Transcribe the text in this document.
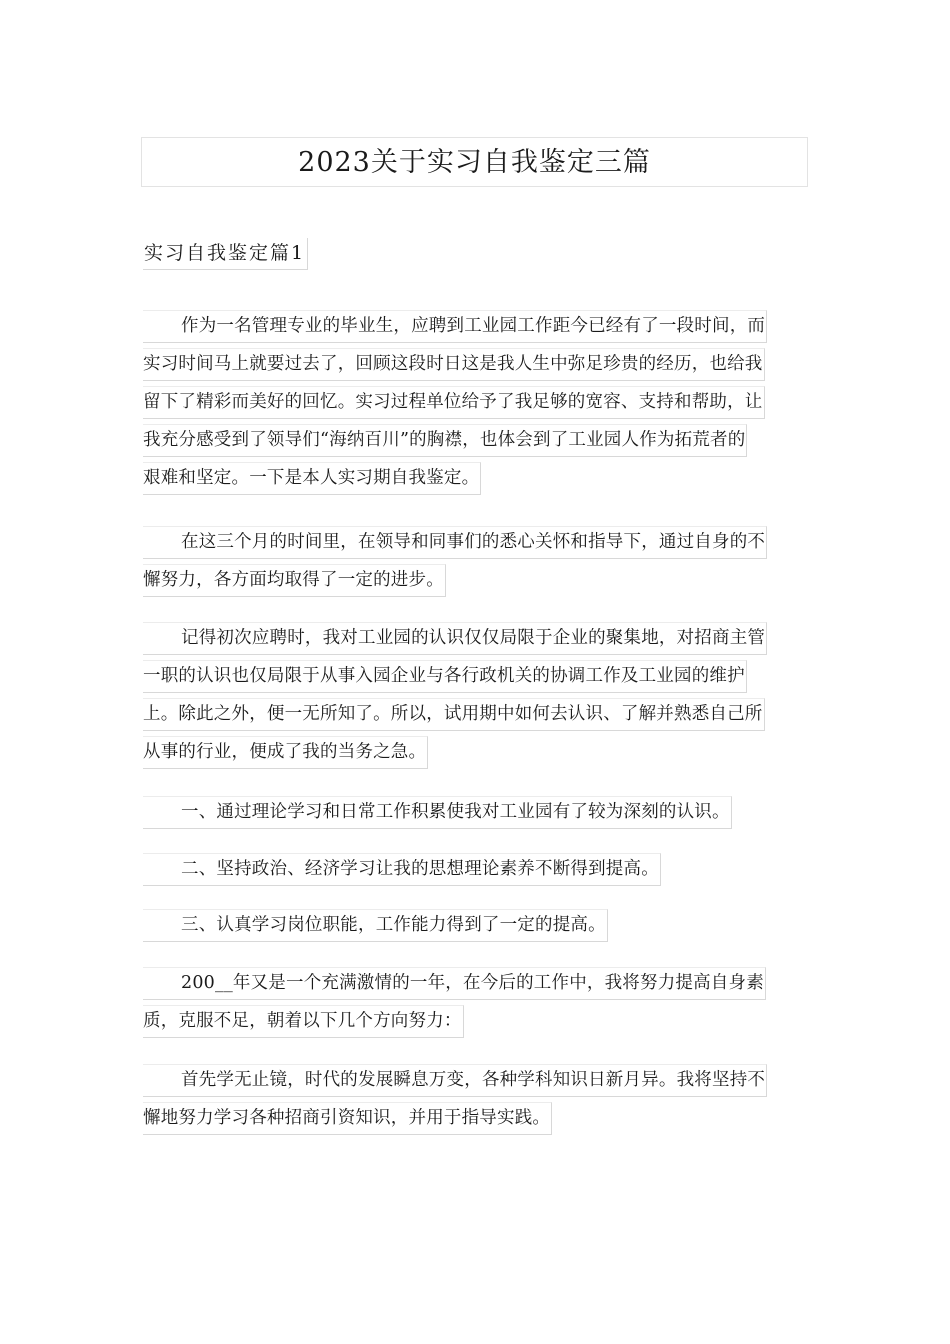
2023关于实习自我鉴定三篇
实习自我鉴定篇1
作为一名管理专业的毕业生，应聘到工业园工作距今已经有了一段时间，而
实习时间马上就要过去了，回顾这段时日这是我人生中弥足珍贵的经历，也给我
留下了精彩而美好的回忆。实习过程单位给予了我足够的宽容、支持和帮助，让
我充分感受到了领导们“海纳百川”的胸襟，也体会到了工业园人作为拓荒者的
艰难和坚定。一下是本人实习期自我鉴定。
在这三个月的时间里，在领导和同事们的悉心关怀和指导下，通过自身的不
懈努力，各方面均取得了一定的进步。
记得初次应聘时，我对工业园的认识仅仅局限于企业的聚集地，对招商主管
一职的认识也仅局限于从事入园企业与各行政机关的协调工作及工业园的维护
上。除此之外，便一无所知了。所以，试用期中如何去认识、了解并熟悉自己所
从事的行业，便成了我的当务之急。
一、通过理论学习和日常工作积累使我对工业园有了较为深刻的认识。
二、坚持政治、经济学习让我的思想理论素养不断得到提高。
三、认真学习岗位职能，工作能力得到了一定的提高。
200__年又是一个充满激情的一年，在今后的工作中，我将努力提高自身素
质，克服不足，朝着以下几个方向努力：
首先学无止镜，时代的发展瞬息万变，各种学科知识日新月异。我将坚持不
懈地努力学习各种招商引资知识，并用于指导实践。
